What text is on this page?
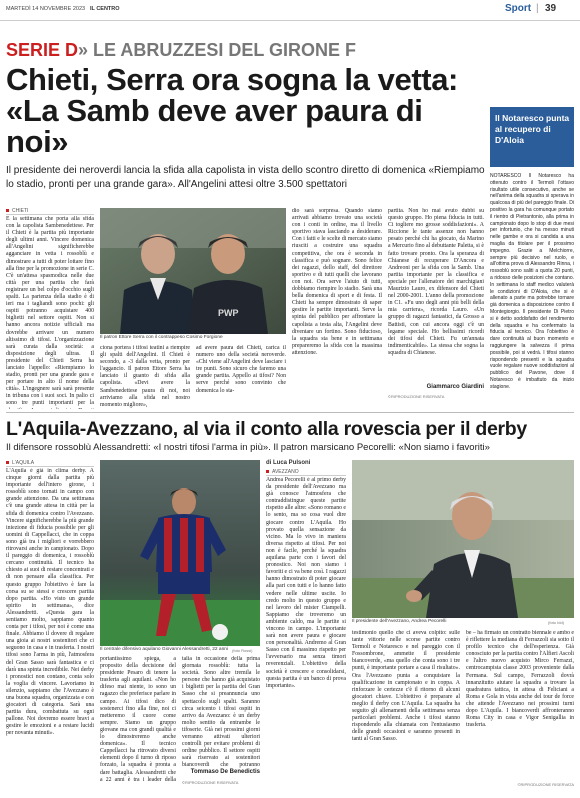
MARTEDÌ 14 NOVEMBRE 2023 IL CENTRO	Sport | 39
SERIE D» LE ABRUZZESI DEL GIRONE F
Chieti, Serra ora sogna la vetta: «La Samb deve aver paura di noi»
Il presidente dei neroverdi lancia la sfida alla capolista in vista dello scontro diretto di domenica «Riempiamo lo stadio, pronti per una grande gara». All'Angelini attesi oltre 3.500 spettatori
CHIETI
È la settimana che porta alla sfida con la capolista Sambenedettese. Per il Chieti è la partita più importante degli ultimi anni. Vincere domenica all'Angelini significherebbe agganciare in vetta i rossoblù e dimostrare a tutti di poter lottare fino alla fine per la promozione in serie C. C'è un'attesa spasmodica nelle due città per una partita che farà registrare un bel colpo d'occhio sugli spalti. La partenza della stadio è di ieri ma i tagliandi sono pochi: gli ospiti potranno acquistare 400 biglietti nel settore ospiti. Non si hanno ancora notizie ufficiali ma dovrebbe arrivare un numero altissimo di tifosi. L'organizzazione sarà curata dalla società: a disposizione degli ultras. Il presidente del Chieti Serra ha lanciato l'appello: «Riempiamo lo stadio, pronti per una grande gara e per portare in alto il nome della città». L'ingegnere sarà sarà presente in tribuna con i suoi soci. In palio ci sono tre punti importanti per la
PWP
Il patron Ettore Serra con il contrappeso Cosimo Forgione
ciona portera i tifosi teatini a riempire gli spalti dell'Angelini. Il Chieti è secondo, a -3 dalla vetta, pronto per l'aggancio. Il patron Ettore Serra ha lanciato il guanto di sfida alla capolista. «Devi avere la Sambenedettese paura di noi, noi arriviamo alla sfida nel nostro momento migliore»,
ad avere paura dei Chieti, carica il numero uno della società neroverde. «Chi viene all'Angelini deve lasciare i tre punti. Sono sicuro che faremo una grande partita. Appello ai tifosi? Non serve perché sono convinto che domenica lo sta-
dio sarà sorpresa. Quando siamo arrivati abbiamo trovato una società con i conti in ordine, ma il livello sportivo stava lasciando a desiderare. Con i fatti e le scelte di mercato siamo riusciti a costruire una squadra competitiva, che ora è seconda in classifica e può sognare. Sono felice dei ragazzi, dello staff, del direttore sportivo e di tutti quelli che lavorano con noi. Ora serve l'aiuto di tutti, dobbiamo riempire lo stadio. Sarà una bella domenica di sport e di festa. Il Chieti ha sempre dimostrato di saper gestire le partite importanti. Serve la spinta del pubblico per affrontare la capolista a testa alta, l'Angelini deve diventare un fortino. Sono fiducioso, la squadra sta bene e in settimana prepareremo la sfida con la massima attenzione.
partita. Non ho mai avuto dubbi su questo gruppo. Ho piena fiducia in tutti. Ci togliere mo grosse soddisfazioni». A Riccione le tante assenze non hanno pesato perché chi ha giocato, da Marino a Mercurio fino al debuttante Paletta, si è fatto trovare pronto. Ora la speranza di Chianese di recuperare D'Ancora e Andreoni per la sfida con la Samb. Una partita importante per la classifica e speciale per l'allenatore dei marchigiani Maurizio Lauro, ex difensore del Chieti nel 2000-2001. L'anno della promozione in C1. «Fu uno degli anni più belli della mia carriera», ricorda Lauro. «Un gruppo di ragazzi fantastici, da Grosso a Battisti, con cui ancora oggi c'è un legame speciale. Ho bellissimi ricordi dei tifosi del Chieti. Fu un'annata indimenticabile». La stessa che sogna la squadra di Chianese.
Giammarco Giardini
©RIPRODUZIONE RISERVATA
Il Notaresco punta al recupero di D'Aloia
NOTARESCO Il Notaresco ha ottenuto contro il Termoli l'ottavo risultato utile consecutivo, anche se nell'anima della squadra si sperava in qualcosa di più del pareggio finale. Di positivo la gara ha comunque portato il rientro di Pietrantonio, alla prima in campionato dopo lo stop di due mesi per infortunio, che ha messo minuti nelle gambe e ora si candida a una maglia da titolare per il prossimo impegno. Grazie a Melchiorre, sempre più decisivo nel ruolo, e all'ottima prova di Alessandro Rinna, i rossoblù sono saliti a quota 20 punti, a ridosso delle posizioni che contano. In settimana lo staff medico valuterà le condizioni di D'Aloia, che si è allenato a parte ma potrebbe tornare già domenica a disposizione contro il Montegiorgio. Il presidente Di Pietro si è detto soddisfatto del rendimento della squadra e ha confermato la fiducia al tecnico. Ora l'obiettivo è dare continuità al buon momento e raggiungere la salvezza il prima possibile, poi si vedrà. I tifosi stanno rispondendo presenti e la squadra vuole regalare nuove soddisfazioni al pubblico del Pavone, dove il Notaresco è imbattuto da inizio stagione.
L'Aquila-Avezzano, al via il conto alla rovescia per il derby
Il difensore rossoblù Alessandretti: «I nostri tifosi l'arma in più». Il patron marsicano Pecorelli: «Non siamo i favoriti»
L'AQUILA
L'Aquila è già in clima derby. A cinque giorni dalla partita più importante dell'intero girone, i rossoblù sono tornati in campo con grande attenzione. Da una settimana c'è una grande attesa in città per la sfida di domenica contro l'Avezzano. Vincere significherebbe la più grande iniezione di fiducia possibile per gli uomini di Cappellacci, che in coppa sono già tra i migliori e vorrebbero ritrovarsi anche in campionato. Dopo il pareggio di domenica, i rossoblù cercano continuità. Il tecnico ha chiesto ai suoi di restare concentrati e di non pensare alla classifica. Per questo gruppo l'obiettivo è fare la corsa su se stessi e crescere partita dopo partita. «Ho visto un grande spirito in settimana», dice Alessandretti. «Questa gara la sentiamo molto, sappiamo quanto conta per i tifosi, per noi è come una finale. Abbiamo il dovere di regalare una gioia ai nostri sostenitori che ci seguono in casa e in trasferta. I nostri tifosi sono l'arma in più, l'atmosfera del Gran Sasso sarà fantastica e ci darà una spinta incredibile. Nei derby i pronostici non contano, conta solo la voglia di vincere. Lavoriamo in silenzio, sappiamo che l'Avezzano è una buona squadra, organizzata e con giocatori di categoria. Sarà una partita dura, combattuta su ogni pallone. Noi dovremo essere bravi a gestire le emozioni e a restare lucidi per novanta minuti».
Il centrale difensivo aquilano Giovanni Alessandretti, 22 anni	(foto Rossi)
portantissimo spiega, a proposito della decisione del presidente Pesaro di tenere la trasferta agli aquilani. «Non ho difeso mai niente, io sono un ragazzo che preferisce parlare in campo. Ai tifosi dico di sostenerci fino alla fine, noi ci metteremo il cuore come sempre. Siamo un gruppo giovane ma con grandi qualità e lo dimostreremo anche domenica». Il tecnico Cappellacci ha ritrovato diversi elementi dopo il turno di riposo forzato, la squadra è pronta a dare battaglia. Alessandretti che a 22 anni è tra i leader della
talia in occasione della prima giornata rossoblù: tutta la società. Sono altre tremila le persone che hanno già acquistato i biglietti per la partita del Gran Sasso che si preannuncia uno spettacolo sugli spalti. Saranno circa seicento i tifosi ospiti in arrivo da Avezzano: è un derby molto sentito da entrambe le tifoserie. Già nei prossimi giorni verranno attivati ulteriori controlli per evitare problemi di ordine pubblico. Il settore ospiti sarà riservato ai sostenitori biancoverdi che potranno
Tommaso De Benedictis
©RIPRODUZIONE RISERVATA
di Luca Pulsoni
AVEZZANO
Andrea Pecorelli è al primo derby da presidente dell'Avezzano ma già conosce l'atmosfera che contraddistingue queste partite rispetto alle altre: «Sono romano e lo sento, ma so cosa vuol dire giocare contro L'Aquila. Ho provato quella sensazione da vicino. Ma lo vivo in maniera diversa rispetto ai tifosi. Per noi non è facile, perché la squadra aquilana parte con i favori del pronostico. Noi non siamo i favoriti e ci va bene così. I ragazzi hanno dimostrato di poter giocare alla pari con tutti e lo hanno fatto vedere nelle ultime uscite. Io credo molto in questo gruppo e nel lavoro del mister Ciampelli. Sappiamo che troveremo un ambiente caldo, ma le partite si vincono in campo. L'importante sarà non avere paura e giocare con personalità. Andremo al Gran Sasso con il massimo rispetto per l'avversario ma senza timori reverenziali. L'obiettivo della società è crescere e consolidarsi, questa partita è un banco di prova importante».
Il presidente dell'Avezzano, Andrea Pecorelli	(foto Idd)
testimonio quello che ci aveva colpito: sulle tante vittorie nelle scorse partite contro Termoli e Notaresco e nel pareggio con il Fossombrone, ammette il presidente biancoverde, «ma quello che conta sono i tre punti, è importante portare a casa il risultato». Ora l'Avezzano punta a conquistare la qualificazione in campionato e in coppa. A rinforzare le certezze c'è il ritorno di alcuni giocatori chiave. L'obiettivo è preparare al meglio il derby con L'Aquila. La squadra ha seguito gli allenamenti della settimana senza particolari problemi. Anche i tifosi stanno rispondendo alla chiamata con l'entusiasmo delle grandi occasioni e saranno presenti in tanti al Gran Sasso.
be – ha firmato un contratto biennale e ambo e è riflettere la mediana di Ferrazzoli sia sotto il profilo tecnico che dell'esperienza. Già conosciuto per la partita contro l'Alfieri Ascoli e l'altro nuovo acquisto Mirco Ferrazzi, centrocampista classe 2003 proveniente dalla Fermana. Sul campo, Ferrazzoli dovrà innanzitutto aiutare la squadra a trovare la quadratura tattica, in attesa di Feliciani a Roma e Gola in vista anche del tour de force che attende l'Avezzano nei prossimi turni dopo L'Aquila. I biancoverdi affronteranno Roma City in casa e Vigor Senigallia in trasferta.
©RIPRODUZIONE RISERVATA
